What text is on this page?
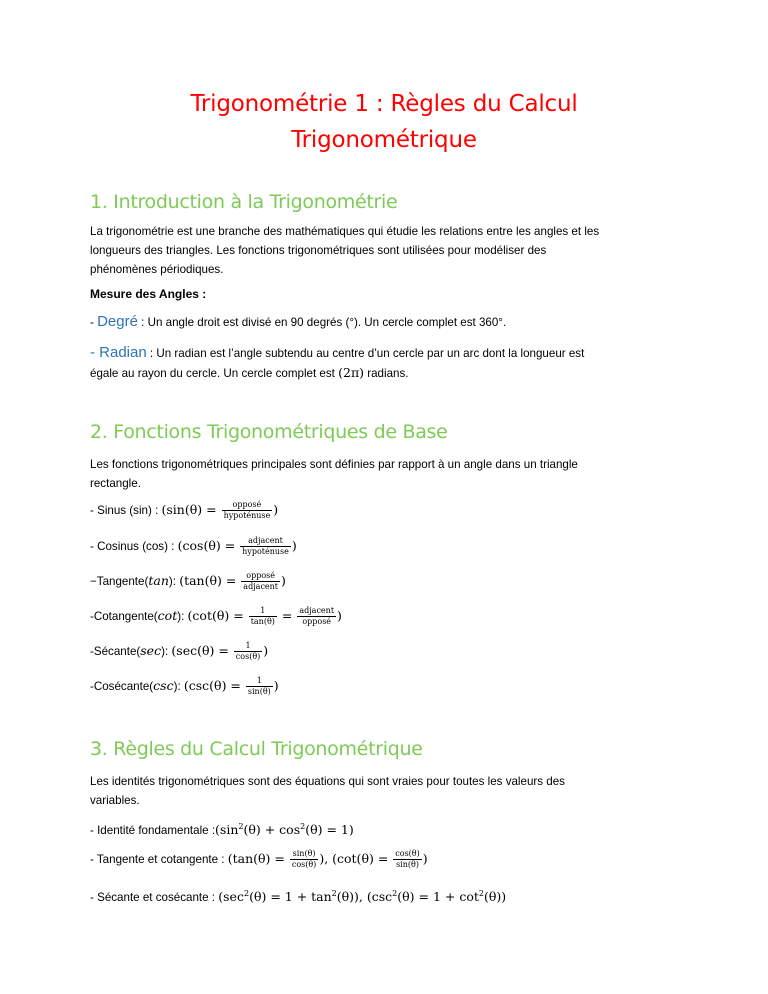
Trigonométrie 1 : Règles du Calcul
Trigonométrique
1. Introduction à la Trigonométrie
La trigonométrie est une branche des mathématiques qui étudie les relations entre les angles et les
longueurs des triangles. Les fonctions trigonométriques sont utilisées pour modéliser des
phénomènes périodiques.
Mesure des Angles :
- Degré : Un angle droit est divisé en 90 degrés (°). Un cercle complet est 360°.
- Radian : Un radian est l’angle subtendu au centre d’un cercle par un arc dont la longueur est
égale au rayon du cercle. Un cercle complet est (2π) radians.
2. Fonctions Trigonométriques de Base
Les fonctions trigonométriques principales sont définies par rapport à un angle dans un triangle
rectangle.
- Sinus (sin) : ($\sin(\theta) = \frac{\text{opposé}}{\text{hypoténuse}}$ )
- Cosinus (cos) : ($\cos(\theta) = \frac{\text{adjacent}}{\text{hypoténuse}}$ )
−Tangente(tan): ($\tan(\theta) = \frac{\text{opposé}}{\text{adjacent}}$ )
-Cotangente(cot): ($\cot(\theta) = \frac{1}{\tan(\theta)} = \frac{\text{adjacent}}{\text{opposé}}$ )
-Sécante(sec): ($\sec(\theta) = \frac{1}{\cos(\theta)}$ )
-Cosécante(csc): ($\csc(\theta) = \frac{1}{\sin(\theta)}$ )
3. Règles du Calcul Trigonométrique
Les identités trigonométriques sont des équations qui sont vraies pour toutes les valeurs des
variables.
- Identité fondamentale $:(\sin^2(\theta) + \cos^2(\theta) = 1)$
- Tangente et cotangente : ($\tan(\theta) = \frac{\sin(\theta)}{\cos(\theta)}$ ), ($\cot(\theta) = \frac{\cos(\theta)}{\sin(\theta)}$ )
- Sécante et cosécante : $(\sec^2(\theta) = 1 + \tan^2(\theta))$, $(\csc^2(\theta) = 1 + \cot^2(\theta))$
